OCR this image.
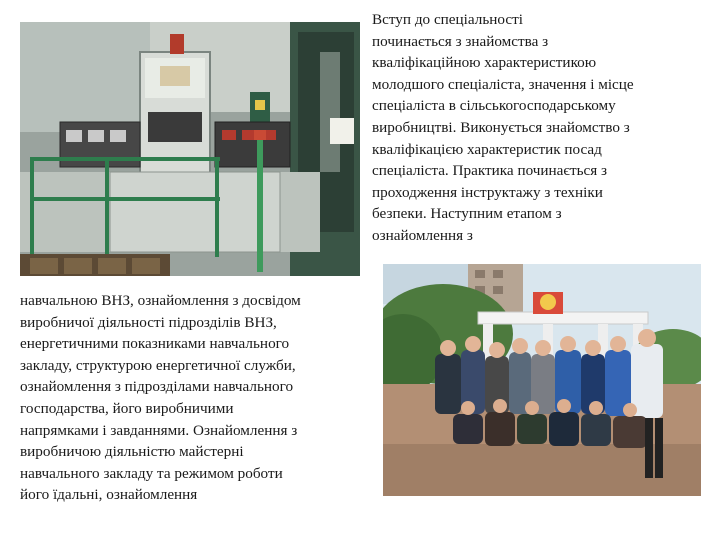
Вступ до спеціальності
починається з знайомства з
кваліфікаційною характеристикою
молодшого спеціаліста, значення і місце
спеціаліста в сільськогосподарському
виробництві. Виконується знайомство з
кваліфікацією характеристик посад
спеціаліста. Практика починається з
проходження інструктажу з техніки
безпеки. Наступним етапом з
ознайомлення з

навчальною ВНЗ, ознайомлення з досвідом
виробничої діяльності підрозділів ВНЗ,
енергетичними показниками навчального
закладу, структурою енергетичної служби,
ознайомлення з підрозділами навчального
господарства, його виробничими
напрямками і завданнями. Ознайомлення з
виробничою діяльністю майстерні
навчального закладу та режимом роботи
його їдальні, ознайомлення
